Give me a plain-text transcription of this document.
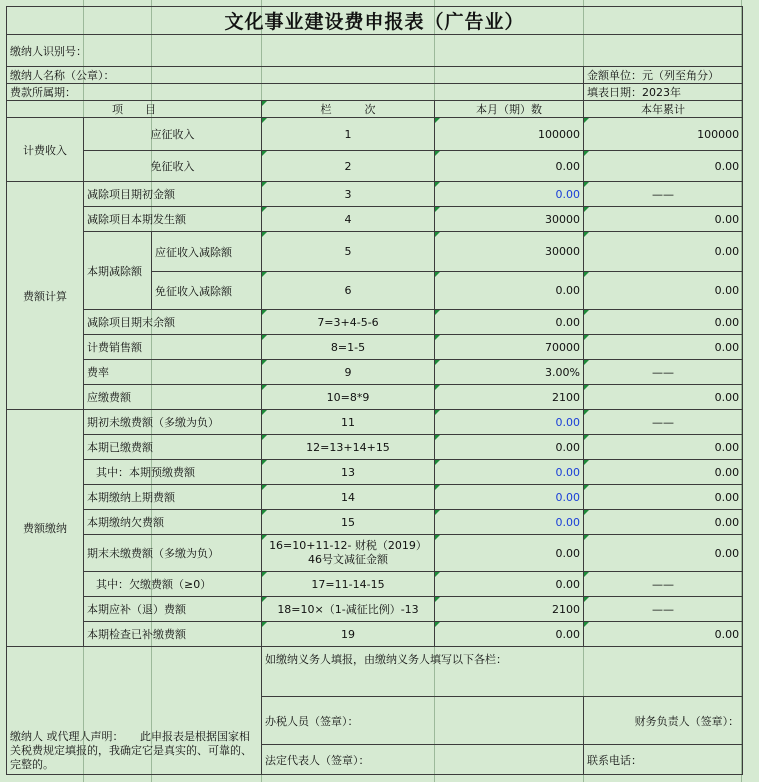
文化事业建设费申报表（广告业）					
缴纳人识别号：					
缴纳人名称（公章）：					金额单位：元（列至角分）
费款所属期：					填表日期：2023年
项　　目			栏　　　次	本月（期）数	本年累计
计费收入	应征收入		1	100000	100000
	免征收入		2	0.00	0.00
费额计算	减除项目期初金额		3	0.00	——
	减除项目本期发生额		4	30000	0.00
	本期减除额	应征收入减除额	5	30000	0.00
		免征收入减除额	6	0.00	0.00
	减除项目期末余额		7=3+4-5-6	0.00	0.00
	计费销售额		8=1-5	70000	0.00
	费率		9	3.00%	——
	应缴费额		10=8*9	2100	0.00
费额缴纳	期初未缴费额（多缴为负）		11	0.00	——
	本期已缴费额		12=13+14+15	0.00	0.00
	其中：本期预缴费额		13	0.00	0.00
	本期缴纳上期费额		14	0.00	0.00
	本期缴纳欠费额		15	0.00	0.00
	期末未缴费额（多缴为负）		16=10+11-12- 财税（2019）46号文减征金额	0.00	0.00
	其中：欠缴费额（≥0）		17=11-14-15	0.00	——
	本期应补（退）费额		18=10×（1-减征比例）-13	2100	——
	本期检查已补缴费额		19	0.00	0.00
缴纳人 或代理人声明：　　此申报表是根据国家相关税费规定填报的，我确定它是真实的、可靠的、完整的。			如缴纳义务人填报，由缴纳义务人填写以下各栏：		

			办税人员（签章）：		财务负责人（签章）：
			法定代表人（签章）：		联系电话：
